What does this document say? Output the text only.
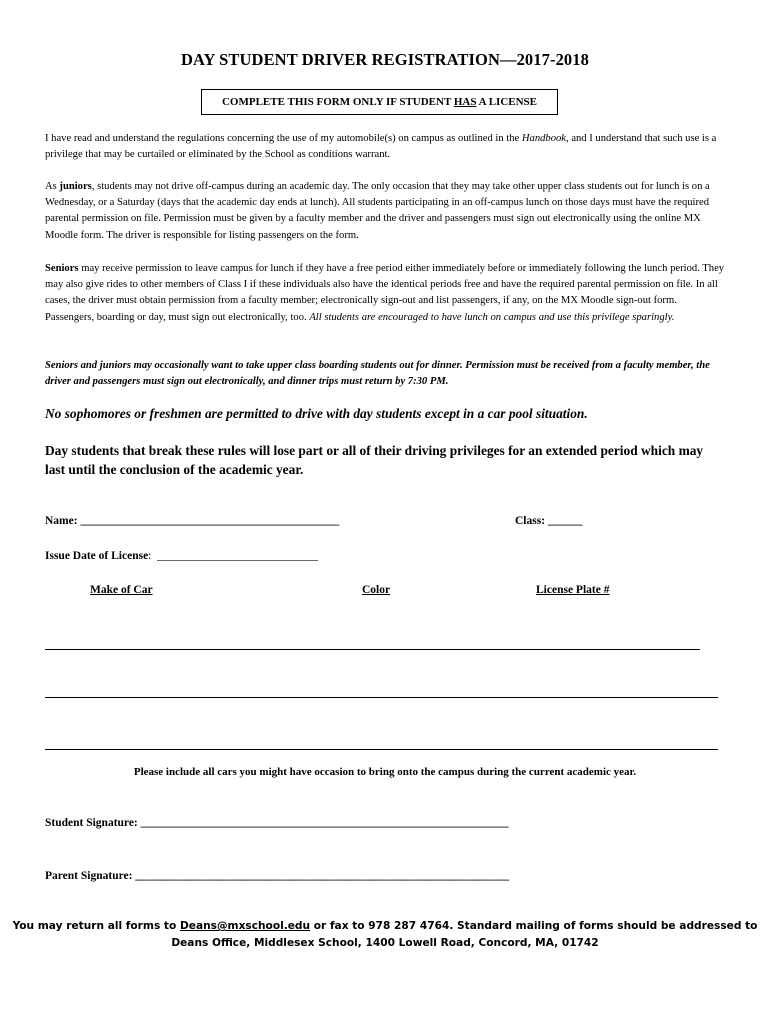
DAY STUDENT DRIVER REGISTRATION—2017-2018
COMPLETE THIS FORM ONLY IF STUDENT HAS A LICENSE
I have read and understand the regulations concerning the use of my automobile(s) on campus as outlined in the Handbook, and I understand that such use is a privilege that may be curtailed or eliminated by the School as conditions warrant.
As juniors, students may not drive off-campus during an academic day. The only occasion that they may take other upper class students out for lunch is on a Wednesday, or a Saturday (days that the academic day ends at lunch). All students participating in an off-campus lunch on those days must have the required parental permission on file. Permission must be given by a faculty member and the driver and passengers must sign out electronically using the online MX Moodle form. The driver is responsible for listing passengers on the form.
Seniors may receive permission to leave campus for lunch if they have a free period either immediately before or immediately following the lunch period. They may also give rides to other members of Class I if these individuals also have the identical periods free and have the required parental permission on file. In all cases, the driver must obtain permission from a faculty member; electronically sign-out and list passengers, if any, on the MX Moodle sign-out form. Passengers, boarding or day, must sign out electronically, too. All students are encouraged to have lunch on campus and use this privilege sparingly.
Seniors and juniors may occasionally want to take upper class boarding students out for dinner. Permission must be received from a faculty member, the driver and passengers must sign out electronically, and dinner trips must return by 7:30 PM.
No sophomores or freshmen are permitted to drive with day students except in a car pool situation.
Day students that break these rules will lose part or all of their driving privileges for an extended period which may last until the conclusion of the academic year.
Name: _____________________________________________	Class: ______
Issue Date of License:  ____________________________
Make of Car	Color	License Plate #
Please include all cars you might have occasion to bring onto the campus during the current academic year.
Student Signature: ________________________________________________________________
Parent Signature: _________________________________________________________________
You may return all forms to Deans@mxschool.edu or fax to 978 287 4764. Standard mailing of forms should be addressed to
Deans Office, Middlesex School, 1400 Lowell Road, Concord, MA, 01742
